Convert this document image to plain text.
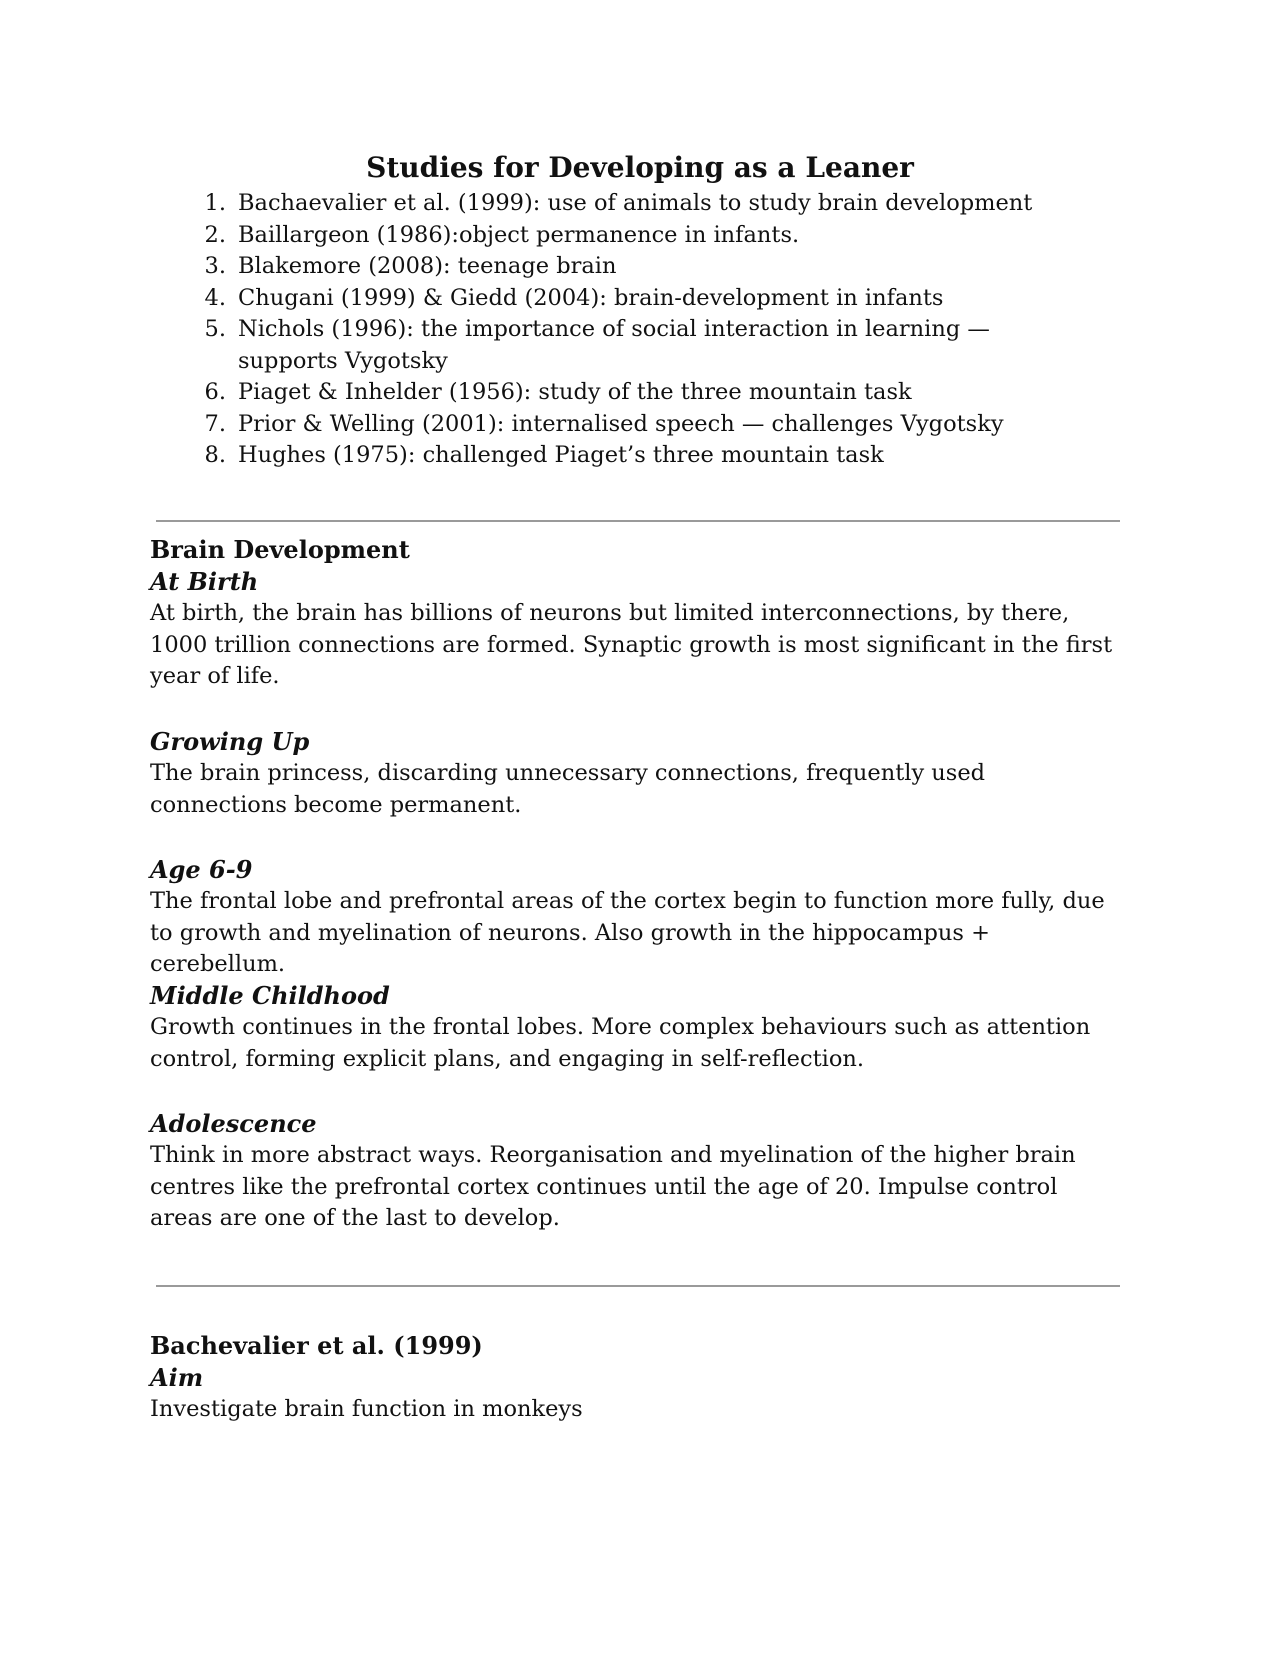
Studies for Developing as a Leaner
1. Bachaevalier et al. (1999): use of animals to study brain development
2. Baillargeon (1986):object permanence in infants.
3. Blakemore (2008): teenage brain
4. Chugani (1999) & Giedd (2004): brain-development in infants
5. Nichols (1996): the importance of social interaction in learning — supports Vygotsky
6. Piaget & Inhelder (1956): study of the three mountain task
7. Prior & Welling (2001): internalised speech — challenges Vygotsky
8. Hughes (1975): challenged Piaget’s three mountain task
Brain Development
At Birth

At birth, the brain has billions of neurons but limited interconnections, by there, 1000 trillion connections are formed. Synaptic growth is most significant in the first year of life.

Growing Up

The brain princess, discarding unnecessary connections, frequently used connections become permanent.

Age 6-9

The frontal lobe and prefrontal areas of the cortex begin to function more fully, due to growth and myelination of neurons. Also growth in the hippocampus + cerebellum.

Middle Childhood

Growth continues in the frontal lobes. More complex behaviours such as attention control, forming explicit plans, and engaging in self-reflection.

Adolescence

Think in more abstract ways. Reorganisation and myelination of the higher brain centres like the prefrontal cortex continues until the age of 20. Impulse control areas are one of the last to develop.

Bachevalier et al. (1999)
Aim

Investigate brain function in monkeys
